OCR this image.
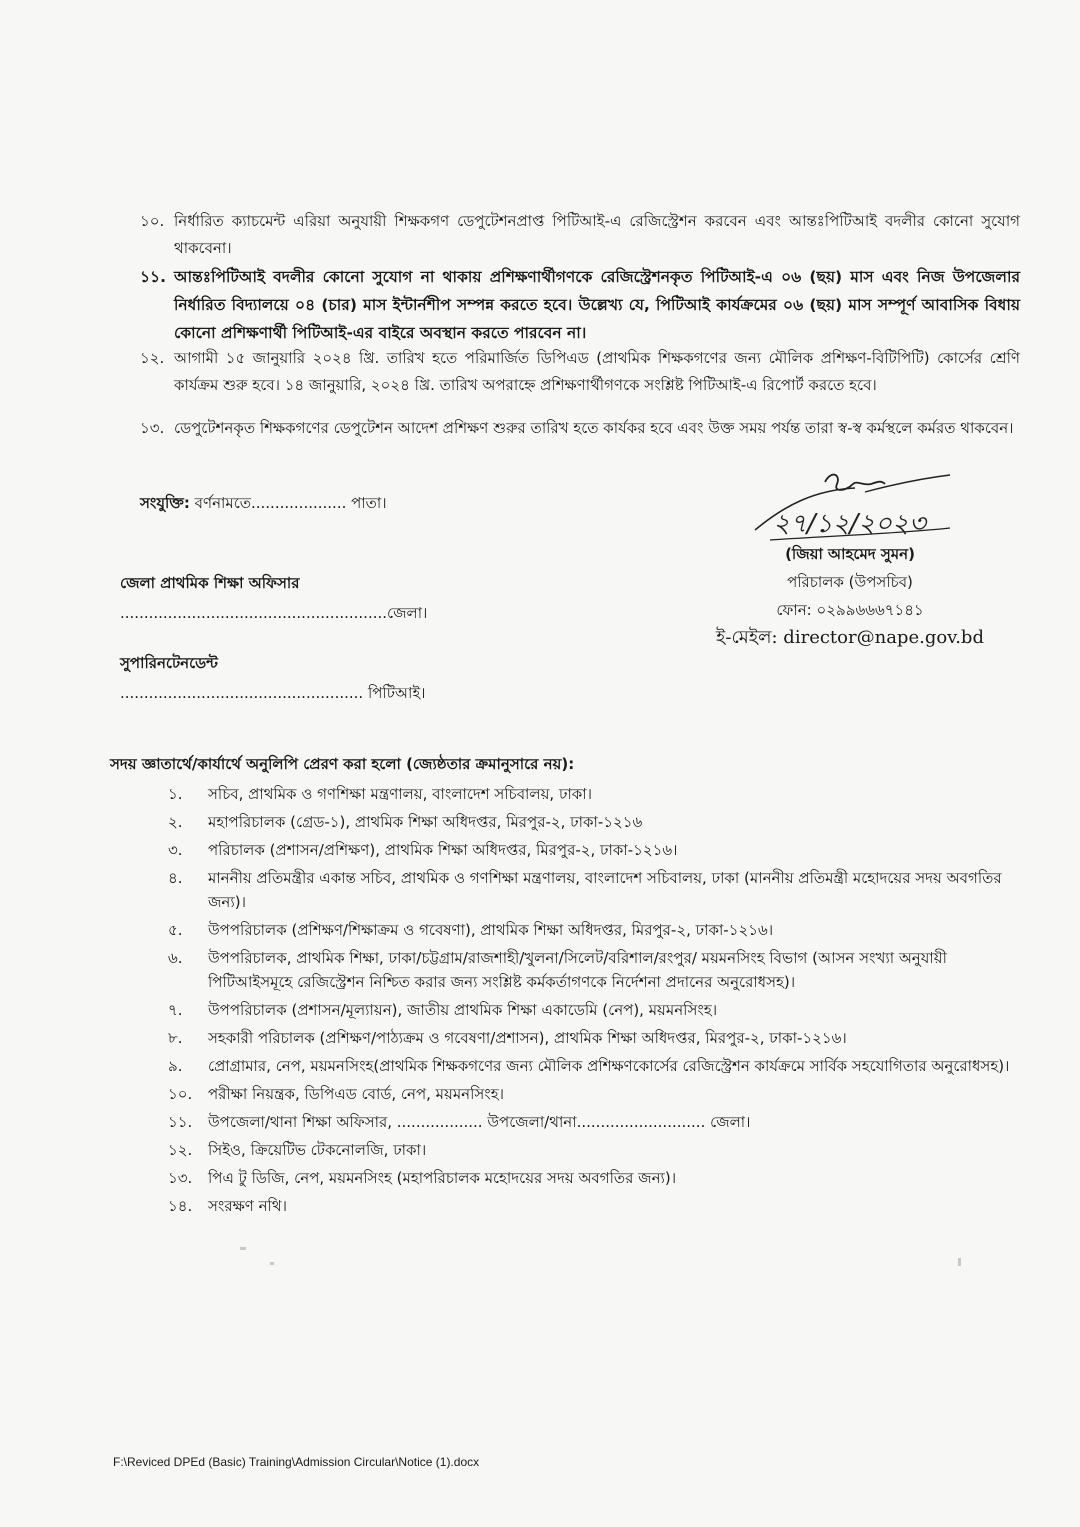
১০. নির্ধারিত ক্যাচমেন্ট এরিয়া অনুযায়ী শিক্ষকগণ ডেপুটেশনপ্রাপ্ত পিটিআই-এ রেজিস্ট্রেশন করবেন এবং আন্তঃপিটিআই বদলীর কোনো সুযোগ থাকবেনা।
১১. আন্তঃপিটিআই বদলীর কোনো সুযোগ না থাকায় প্রশিক্ষণার্থীগণকে রেজিস্ট্রেশনকৃত পিটিআই-এ ০৬ (ছয়) মাস এবং নিজ উপজেলার নির্ধারিত বিদ্যালয়ে ০৪ (চার) মাস ইন্টার্নশীপ সম্পন্ন করতে হবে। উল্লেখ্য যে, পিটিআই কার্যক্রমের ০৬ (ছয়) মাস সম্পূর্ণ আবাসিক বিধায় কোনো প্রশিক্ষণার্থী পিটিআই-এর বাইরে অবস্থান করতে পারবেন না।
১২. আগামী ১৫ জানুয়ারি ২০২৪ খ্রি. তারিখ হতে পরিমার্জিত ডিপিএড (প্রাথমিক শিক্ষকগণের জন্য মৌলিক প্রশিক্ষণ-বিটিপিটি) কোর্সের শ্রেণি কার্যক্রম শুরু হবে। ১৪ জানুয়ারি, ২০২৪ খ্রি. তারিখ অপরাহ্নে প্রশিক্ষণার্থীগণকে সংশ্লিষ্ট পিটিআই-এ রিপোর্ট করতে হবে।
১৩. ডেপুটেশনকৃত শিক্ষকগণের ডেপুটেশন আদেশ প্রশিক্ষণ শুরুর তারিখ হতে কার্যকর হবে এবং উক্ত সময় পর্যন্ত তারা স্ব-স্ব কর্মস্থলে কর্মরত থাকবেন।
সংযুক্তি: বর্ণনামতে.................... পাতা।
২৭/১২/২০২৩
(জিয়া আহমেদ সুমন)
পরিচালক (উপসচিব)
ফোন: ০২৯৯৬৬৬৭১৪১
ই-মেইল: director@nape.gov.bd
জেলা প্রাথমিক শিক্ষা অফিসার
........................................................জেলা।
সুপারিনটেনডেন্ট
................................................... পিটিআই।
সদয় জ্ঞাতার্থে/কার্যার্থে অনুলিপি প্রেরণ করা হলো (জ্যেষ্ঠতার ক্রমানুসারে নয়):
১.	সচিব, প্রাথমিক ও গণশিক্ষা মন্ত্রণালয়, বাংলাদেশ সচিবালয়, ঢাকা।
২.	মহাপরিচালক (গ্রেড-১), প্রাথমিক শিক্ষা অধিদপ্তর, মিরপুর-২, ঢাকা-১২১৬
৩.	পরিচালক (প্রশাসন/প্রশিক্ষণ), প্রাথমিক শিক্ষা অধিদপ্তর, মিরপুর-২, ঢাকা-১২১৬।
৪.	মাননীয় প্রতিমন্ত্রীর একান্ত সচিব, প্রাথমিক ও গণশিক্ষা মন্ত্রণালয়, বাংলাদেশ সচিবালয়, ঢাকা (মাননীয় প্রতিমন্ত্রী মহোদয়ের সদয় অবগতির জন্য)।
৫.	উপপরিচালক (প্রশিক্ষণ/শিক্ষাক্রম ও গবেষণা), প্রাথমিক শিক্ষা অধিদপ্তর, মিরপুর-২, ঢাকা-১২১৬।
৬.	উপপরিচালক, প্রাথমিক শিক্ষা, ঢাকা/চট্টগ্রাম/রাজশাহী/খুলনা/সিলেট/বরিশাল/রংপুর/ ময়মনসিংহ বিভাগ (আসন সংখ্যা অনুযায়ী পিটিআইসমূহে রেজিস্ট্রেশন নিশ্চিত করার জন্য সংশ্লিষ্ট কর্মকর্তাগণকে নির্দেশনা প্রদানের অনুরোধসহ)।
৭.	উপপরিচালক (প্রশাসন/মূল্যায়ন), জাতীয় প্রাথমিক শিক্ষা একাডেমি (নেপ), ময়মনসিংহ।
৮.	সহকারী পরিচালক (প্রশিক্ষণ/পাঠ্যক্রম ও গবেষণা/প্রশাসন), প্রাথমিক শিক্ষা অধিদপ্তর, মিরপুর-২, ঢাকা-১২১৬।
৯.	প্রোগ্রামার, নেপ, ময়মনসিংহ(প্রাথমিক শিক্ষকগণের জন্য মৌলিক প্রশিক্ষণকোর্সের রেজিস্ট্রেশন কার্যক্রমে সার্বিক সহযোগিতার অনুরোধসহ)।
১০.	পরীক্ষা নিয়ন্ত্রক, ডিপিএড বোর্ড, নেপ, ময়মনসিংহ।
১১.	উপজেলা/থানা শিক্ষা অফিসার, .................. উপজেলা/থানা........................... জেলা।
১২.	সিইও, ক্রিয়েটিভ টেকনোলজি, ঢাকা।
১৩.	পিএ টু ডিজি, নেপ, ময়মনসিংহ (মহাপরিচালক মহোদয়ের সদয় অবগতির জন্য)।
১৪.	সংরক্ষণ নথি।
F:\Reviced DPEd (Basic) Training\Admission Circular\Notice (1).docx
